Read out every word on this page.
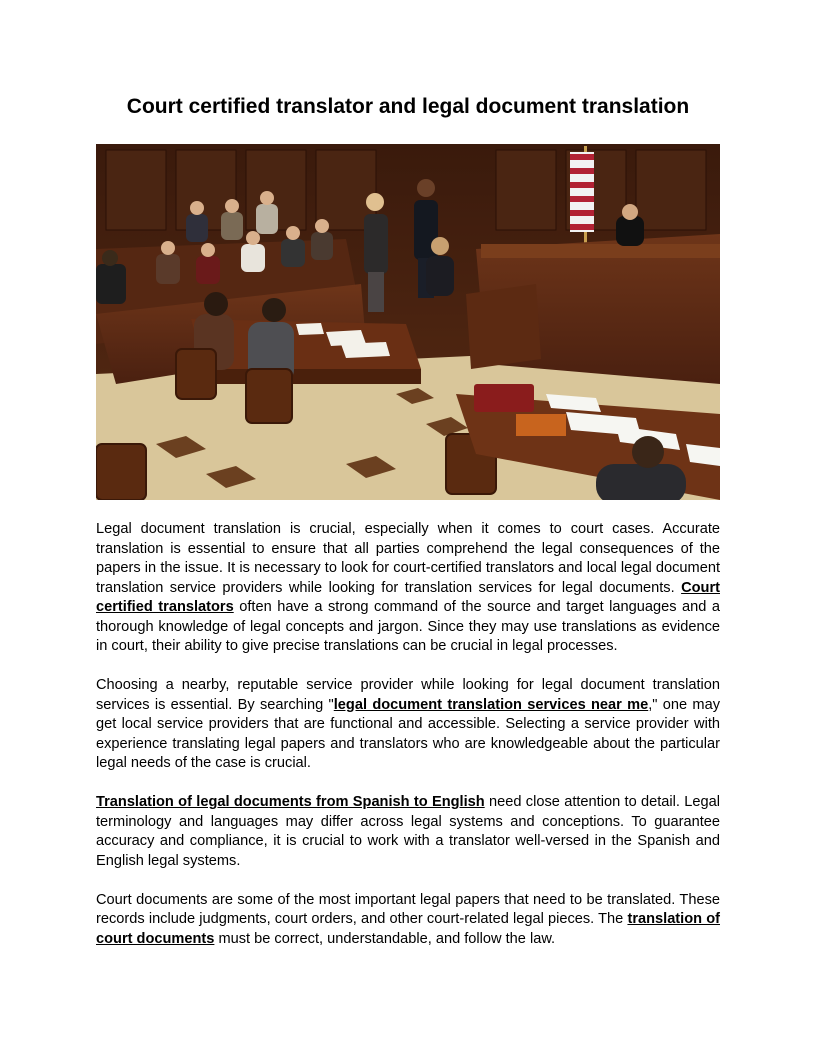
Court certified translator and legal document translation

Legal document translation is crucial, especially when it comes to court cases. Accurate translation is essential to ensure that all parties comprehend the legal consequences of the papers in the issue. It is necessary to look for court-certified translators and local legal document translation service providers while looking for translation services for legal documents. Court certified translators often have a strong command of the source and target languages and a thorough knowledge of legal concepts and jargon. Since they may use translations as evidence in court, their ability to give precise translations can be crucial in legal processes.

Choosing a nearby, reputable service provider while looking for legal document translation services is essential. By searching "legal document translation services near me," one may get local service providers that are functional and accessible. Selecting a service provider with experience translating legal papers and translators who are knowledgeable about the particular legal needs of the case is crucial.

Translation of legal documents from Spanish to English need close attention to detail. Legal terminology and languages may differ across legal systems and conceptions. To guarantee accuracy and compliance, it is crucial to work with a translator well-versed in the Spanish and English legal systems.

Court documents are some of the most important legal papers that need to be translated. These records include judgments, court orders, and other court-related legal pieces. The translation of court documents must be correct, understandable, and follow the law.
